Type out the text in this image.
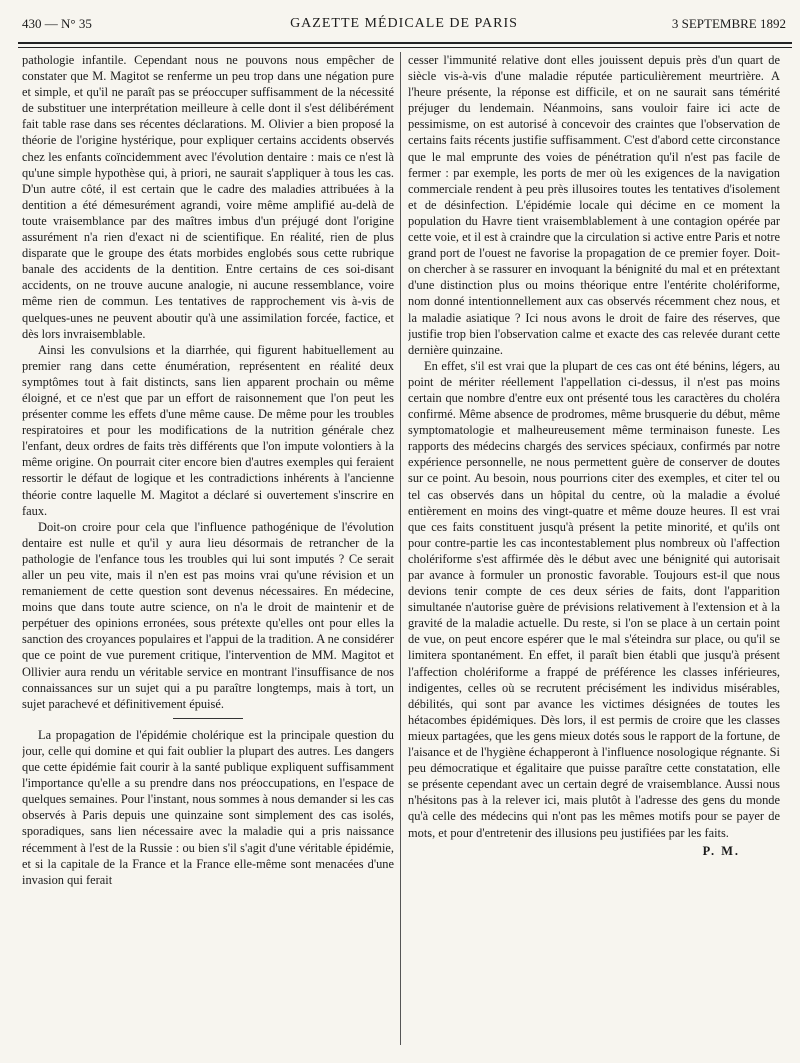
430 — N° 35	GAZETTE MÉDICALE DE PARIS	3 SEPTEMBRE 1892

pathologie infantile. Cependant nous ne pouvons nous empêcher de constater que M. Magitot se renferme un peu trop dans une négation pure et simple, et qu'il ne paraît pas se préoccuper suffisamment de la nécessité de substituer une interprétation meilleure à celle dont il s'est délibérément fait table rase dans ses récentes déclarations. M. Olivier a bien proposé la théorie de l'origine hystérique, pour expliquer certains accidents observés chez les enfants coïncidemment avec l'évolution dentaire : mais ce n'est là qu'une simple hypothèse qui, à priori, ne saurait s'appliquer à tous les cas. D'un autre côté, il est certain que le cadre des maladies attribuées à la dentition a été démesurément agrandi, voire même amplifié au-delà de toute vraisemblance par des maîtres imbus d'un préjugé dont l'origine assurément n'a rien d'exact ni de scientifique. En réalité, rien de plus disparate que le groupe des états morbides englobés sous cette rubrique banale des accidents de la dentition. Entre certains de ces soi-disant accidents, on ne trouve aucune analogie, ni aucune ressemblance, voire même rien de commun. Les tentatives de rapprochement vis à-vis de quelques-unes ne peuvent aboutir qu'à une assimilation forcée, factice, et dès lors invraisemblable.

Ainsi les convulsions et la diarrhée, qui figurent habituellement au premier rang dans cette énumération, représentent en réalité deux symptômes tout à fait distincts, sans lien apparent prochain ou même éloigné, et ce n'est que par un effort de raisonnement que l'on peut les présenter comme les effets d'une même cause. De même pour les troubles respiratoires et pour les modifications de la nutrition générale chez l'enfant, deux ordres de faits très différents que l'on impute volontiers à la même origine. On pourrait citer encore bien d'autres exemples qui feraient ressortir le défaut de logique et les contradictions inhérents à l'ancienne théorie contre laquelle M. Magitot a déclaré si ouvertement s'inscrire en faux.

Doit-on croire pour cela que l'influence pathogénique de l'évolution dentaire est nulle et qu'il y aura lieu désormais de retrancher de la pathologie de l'enfance tous les troubles qui lui sont imputés ? Ce serait aller un peu vite, mais il n'en est pas moins vrai qu'une révision et un remaniement de cette question sont devenus nécessaires. En médecine, moins que dans toute autre science, on n'a le droit de maintenir et de perpétuer des opinions erronées, sous prétexte qu'elles ont pour elles la sanction des croyances populaires et l'appui de la tradition. A ne considérer que ce point de vue purement critique, l'intervention de MM. Magitot et Ollivier aura rendu un véritable service en montrant l'insuffisance de nos connaissances sur un sujet qui a pu paraître longtemps, mais à tort, un sujet parachevé et définitivement épuisé.

La propagation de l'épidémie cholérique est la principale question du jour, celle qui domine et qui fait oublier la plupart des autres. Les dangers que cette épidémie fait courir à la santé publique expliquent suffisamment l'importance qu'elle a su prendre dans nos préoccupations, en l'espace de quelques semaines. Pour l'instant, nous sommes à nous demander si les cas observés à Paris depuis une quinzaine sont simplement des cas isolés, sporadiques, sans lien nécessaire avec la maladie qui a pris naissance récemment à l'est de la Russie : ou bien s'il s'agit d'une véritable épidémie, et si la capitale de la France et la France elle-même sont menacées d'une invasion qui ferait

cesser l'immunité relative dont elles jouissent depuis près d'un quart de siècle vis-à-vis d'une maladie réputée particulièrement meurtrière. A l'heure présente, la réponse est difficile, et on ne saurait sans témérité préjuger du lendemain. Néanmoins, sans vouloir faire ici acte de pessimisme, on est autorisé à concevoir des craintes que l'observation de certains faits récents justifie suffisamment. C'est d'abord cette circonstance que le mal emprunte des voies de pénétration qu'il n'est pas facile de fermer : par exemple, les ports de mer où les exigences de la navigation commerciale rendent à peu près illusoires toutes les tentatives d'isolement et de désinfection. L'épidémie locale qui décime en ce moment la population du Havre tient vraisemblablement à une contagion opérée par cette voie, et il est à craindre que la circulation si active entre Paris et notre grand port de l'ouest ne favorise la propagation de ce premier foyer. Doit-on chercher à se rassurer en invoquant la bénignité du mal et en prétextant d'une distinction plus ou moins théorique entre l'entérite cholériforme, nom donné intentionnellement aux cas observés récemment chez nous, et la maladie asiatique ? Ici nous avons le droit de faire des réserves, que justifie trop bien l'observation calme et exacte des cas relevée durant cette dernière quinzaine.

En effet, s'il est vrai que la plupart de ces cas ont été bénins, légers, au point de mériter réellement l'appellation ci-dessus, il n'est pas moins certain que nombre d'entre eux ont présenté tous les caractères du choléra confirmé. Même absence de prodromes, même brusquerie du début, même symptomatologie et malheureusement même terminaison funeste. Les rapports des médecins chargés des services spéciaux, confirmés par notre expérience personnelle, ne nous permettent guère de conserver de doutes sur ce point. Au besoin, nous pourrions citer des exemples, et citer tel ou tel cas observés dans un hôpital du centre, où la maladie a évolué entièrement en moins des vingt-quatre et même douze heures. Il est vrai que ces faits constituent jusqu'à présent la petite minorité, et qu'ils ont pour contre-partie les cas incontestablement plus nombreux où l'affection cholériforme s'est affirmée dès le début avec une bénignité qui autorisait par avance à formuler un pronostic favorable. Toujours est-il que nous devions tenir compte de ces deux séries de faits, dont l'apparition simultanée n'autorise guère de prévisions relativement à l'extension et à la gravité de la maladie actuelle. Du reste, si l'on se place à un certain point de vue, on peut encore espérer que le mal s'éteindra sur place, ou qu'il se limitera spontanément. En effet, il paraît bien établi que jusqu'à présent l'affection cholériforme a frappé de préférence les classes inférieures, indigentes, celles où se recrutent précisément les individus misérables, débilités, qui sont par avance les victimes désignées de toutes les hétacombes épidémiques. Dès lors, il est permis de croire que les classes mieux partagées, que les gens mieux dotés sous le rapport de la fortune, de l'aisance et de l'hygiène échapperont à l'influence nosologique régnante. Si peu démocratique et égalitaire que puisse paraître cette constatation, elle se présente cependant avec un certain degré de vraisemblance. Aussi nous n'hésitons pas à la relever ici, mais plutôt à l'adresse des gens du monde qu'à celle des médecins qui n'ont pas les mêmes motifs pour se payer de mots, et pour d'entretenir des illusions peu justifiées par les faits.

P. M.
